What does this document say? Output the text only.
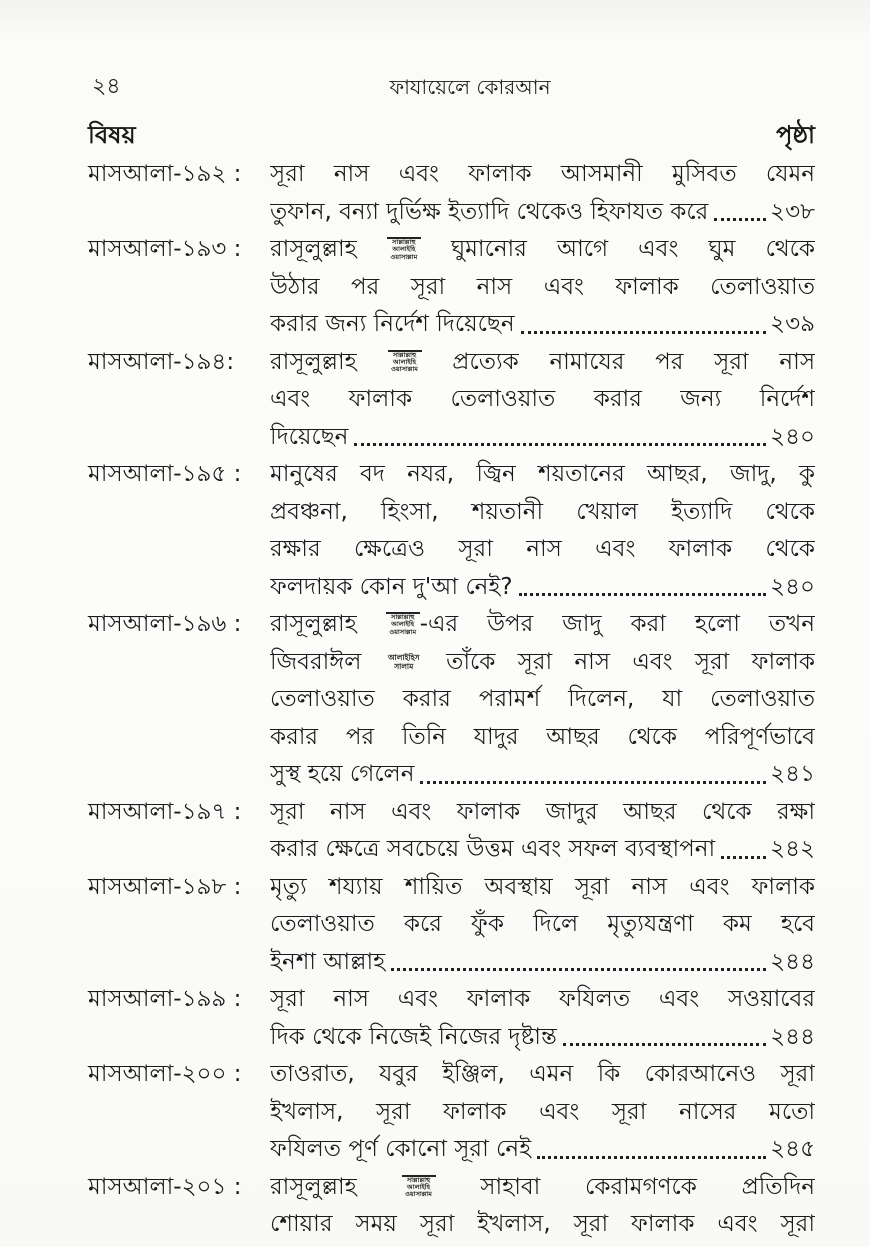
২৪	ফাযায়েলে কোরআন
বিষয়	পৃষ্ঠা
মাসআলা-১৯২ :	সূরা নাস এবং ফালাক আসমানী মুসিবত যেমন
তুফান, বন্যা দুর্ভিক্ষ ইত্যাদি থেকেও হিফাযত করে	২৩৮
মাসআলা-১৯৩ :	রাসূলুল্লাহ	সাল্লাল্লাহু
আলাইহি
ওয়াসাল্লাম ঘুমানোর আগে এবং ঘুম থেকে
উঠার পর সূরা নাস এবং ফালাক তেলাওয়াত
করার জন্য নির্দেশ দিয়েছেন	২৩৯
মাসআলা-১৯৪:	রাসূলুল্লাহ	সাল্লাল্লাহু
আলাইহি
ওয়াসাল্লাম প্রত্যেক নামাযের পর সূরা নাস
এবং ফালাক তেলাওয়াত করার জন্য নির্দেশ
দিয়েছেন	২৪০
মাসআলা-১৯৫ :	মানুষের বদ নযর, জ্বিন শয়তানের আছর, জাদু, কু
প্রবঞ্চনা, হিংসা, শয়তানী খেয়াল ইত্যাদি থেকে
রক্ষার ক্ষেত্রেও সূরা নাস এবং ফালাক থেকে
ফলদায়ক কোন দু'আ নেই?	২৪০
মাসআলা-১৯৬ :	রাসূলুল্লাহ	সাল্লাল্লাহু
আলাইহি
ওয়াসাল্লাম -এর উপর জাদু করা হলো তখন
জিবরাঈল	আলাইহিস
সালাম	তাঁকে সূরা নাস এবং সূরা ফালাক
তেলাওয়াত করার পরামর্শ দিলেন, যা তেলাওয়াত
করার পর তিনি যাদুর আছর থেকে পরিপূর্ণভাবে
সুস্থ হয়ে গেলেন	২৪১
মাসআলা-১৯৭ :	সূরা নাস এবং ফালাক জাদুর আছর থেকে রক্ষা
করার ক্ষেত্রে সবচেয়ে উত্তম এবং সফল ব্যবস্থাপনা ২৪২
মাসআলা-১৯৮ :	মৃত্যু শয্যায় শায়িত অবস্থায় সূরা নাস এবং ফালাক
তেলাওয়াত করে ফুঁক দিলে মৃত্যুযন্ত্রণা কম হবে
ইনশা আল্লাহ	২৪৪
মাসআলা-১৯৯ :	সূরা নাস এবং ফালাক ফযিলত এবং সওয়াবের
দিক থেকে নিজেই নিজের দৃষ্টান্ত	২৪৪
মাসআলা-২০০ :	তাওরাত, যবুর ইঞ্জিল, এমন কি কোরআনেও সূরা
ইখলাস, সূরা ফালাক এবং সূরা নাসের মতো
ফযিলত পূর্ণ কোনো সূরা নেই	২৪৫
মাসআলা-২০১ :	রাসূলুল্লাহ	সাল্লাল্লাহু
আলাইহি
ওয়াসাল্লাম সাহাবা কেরামগণকে প্রতিদিন
শোয়ার সময় সূরা ইখলাস, সূরা ফালাক এবং সূরা
